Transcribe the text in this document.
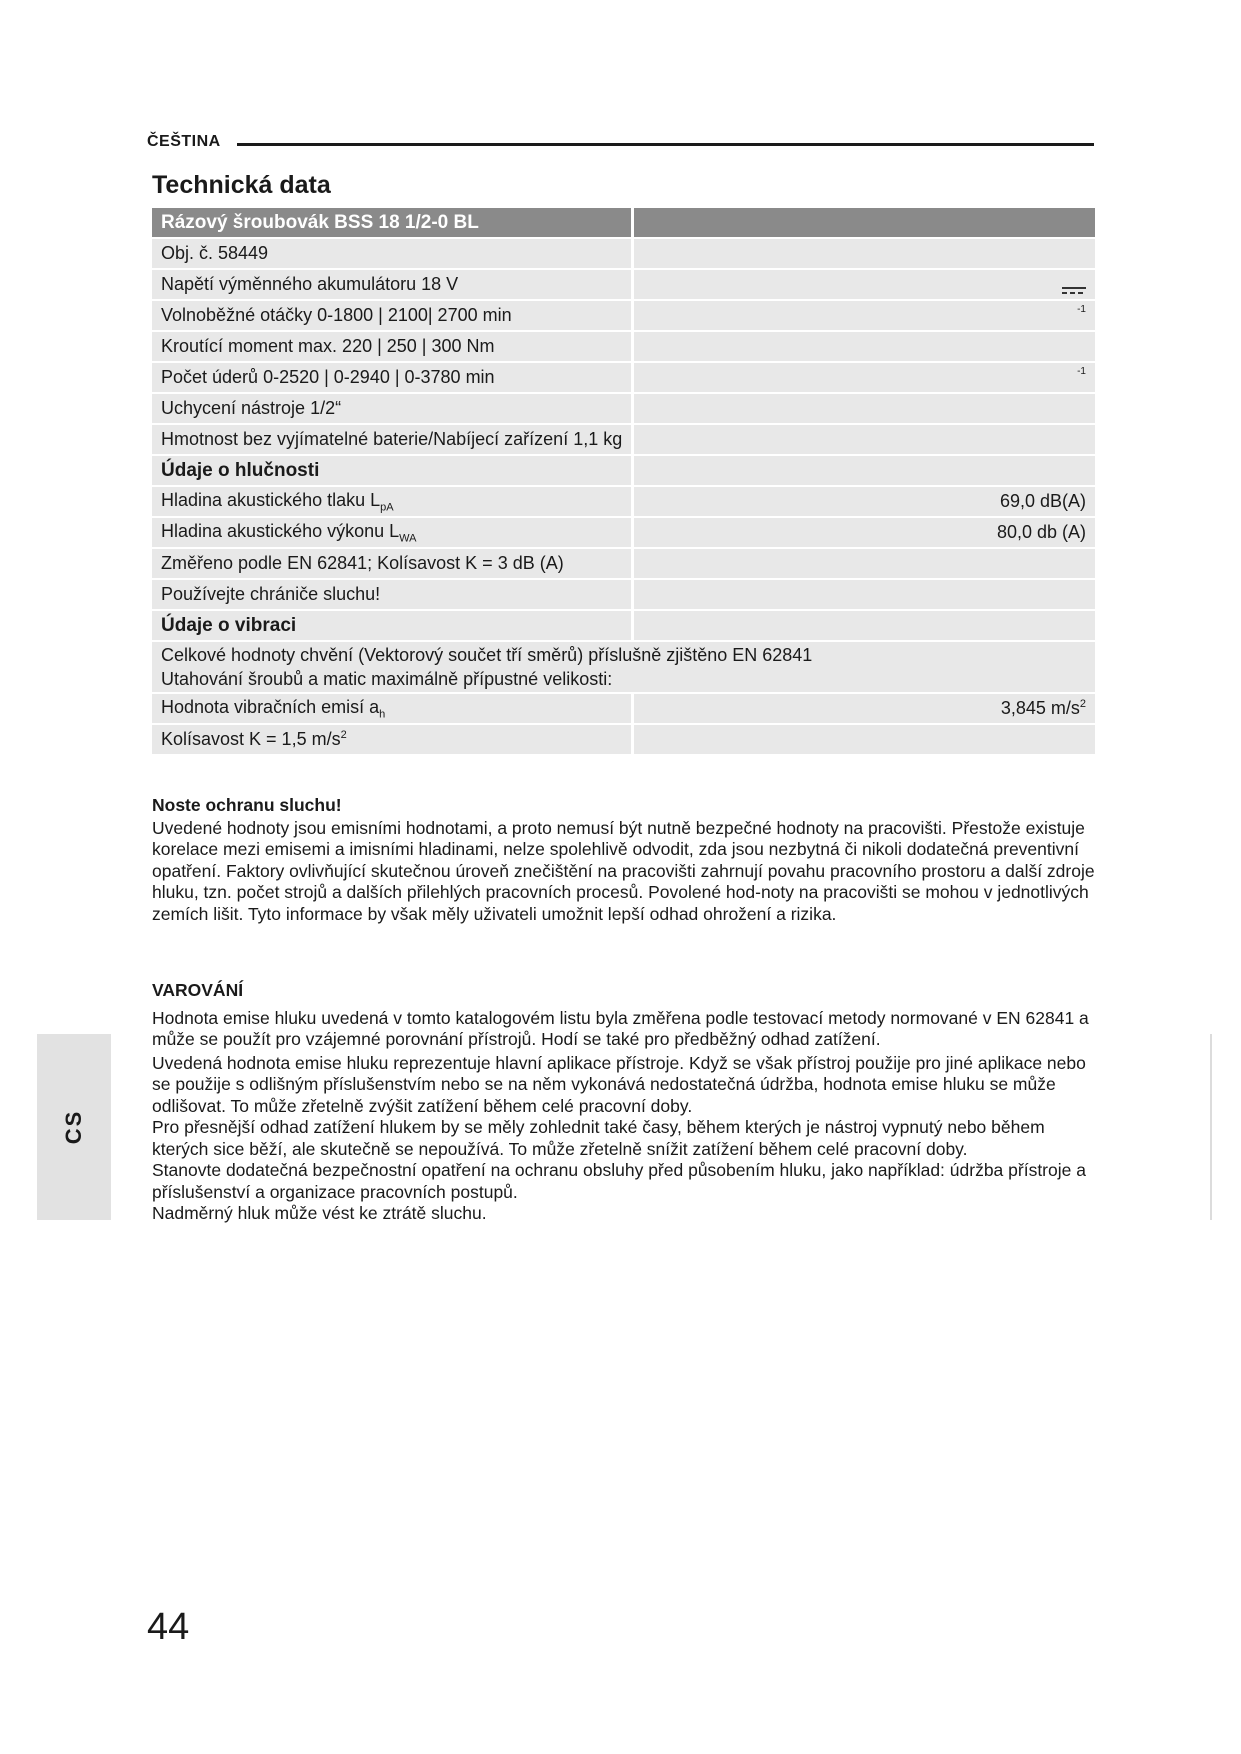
ČEŠTINA
Technická data
Rázový šroubovák BSS 18 1/2-0 BL	
Obj. č. 58449	
Napětí výměnného akumulátoru 18 V	

Volnoběžné otáčky 0-1800 | 2100| 2700 min	$^{-1}$
Kroutící moment max. 220 | 250 | 300 Nm	
Počet úderů 0-2520 | 0-2940 | 0-3780 min	$^{-1}$
Uchycení nástroje 1/2“	
Hmotnost bez vyjímatelné baterie/Nabíjecí zařízení 1,1 kg	
Údaje o hlučnosti	
Hladina akustického tlaku $L_{pA}$	69,0 dB(A)
Hladina akustického výkonu $L_{WA}$	80,0 db (A)
Změřeno podle EN 62841; Kolísavost K = 3 dB (A)	
Používejte chrániče sluchu!	
Údaje o vibraci	

Celkové hodnoty chvění (Vektorový součet tří směrů) příslušně zjištěno EN 62841
Utahování šroubů a matic maximálně přípustné velikosti:	

Hodnota vibračních emisí $a_h$	3,845 $m/s^2$
Kolísavost K = 1,5 $m/s^2$	
Noste ochranu sluchu!

Uvedené hodnoty jsou emisními hodnotami, a proto nemusí být nutně bezpečné hodnoty na pracovišti. Přestože existuje korelace mezi emisemi a imisními hladinami, nelze spolehlivě odvodit, zda jsou nezbytná či nikoli dodatečná preventivní opatření. Faktory ovlivňující skutečnou úroveň znečištění na pracovišti zahrnují povahu pracovního prostoru a další zdroje hluku, tzn. počet strojů a dalších přilehlých pracovních procesů. Povolené hod-noty na pracovišti se mohou v jednotlivých zemích lišit. Tyto informace by však měly uživateli umožnit lepší odhad ohrožení a rizika.

VAROVÁNÍ

Hodnota emise hluku uvedená v tomto katalogovém listu byla změřena podle testovací metody normované v EN 62841 a může se použít pro vzájemné porovnání přístrojů. Hodí se také pro předběžný odhad zatížení.

Uvedená hodnota emise hluku reprezentuje hlavní aplikace přístroje. Když se však přístroj použije pro jiné aplikace nebo se použije s odlišným příslušenstvím nebo se na něm vykonává nedostatečná údržba, hodnota emise hluku se může odlišovat. To může zřetelně zvýšit zatížení během celé pracovní doby.

Pro přesnější odhad zatížení hlukem by se měly zohlednit také časy, během kterých je nástroj vypnutý nebo během kterých sice běží, ale skutečně se nepoužívá. To může zřetelně snížit zatížení během celé pracovní doby.

Stanovte dodatečná bezpečnostní opatření na ochranu obsluhy před působením hluku, jako například: údržba přístroje a příslušenství a organizace pracovních postupů.

Nadměrný hluk může vést ke ztrátě sluchu.

CS
44
